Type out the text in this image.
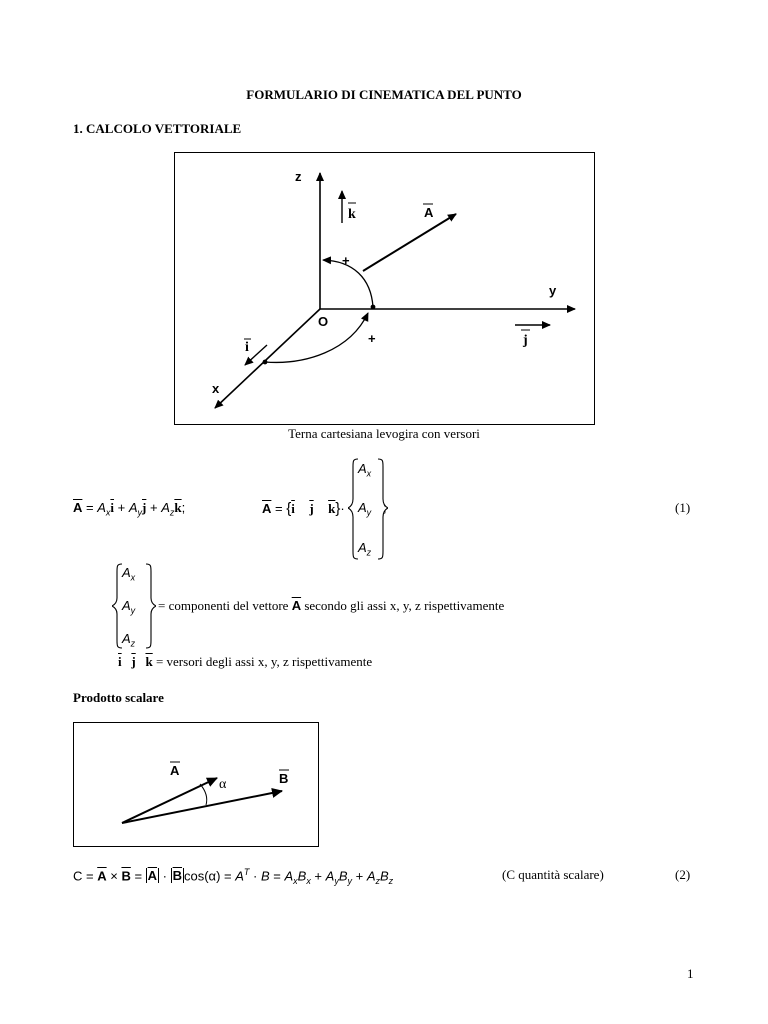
FORMULARIO DI CINEMATICA DEL PUNTO
1. CALCOLO VETTORIALE
z
y
x
O
A
+
+
k
j
i
Terna cartesiana levogira con versori
$\overline{A} = A_x\overline{i} + A_y\overline{j} + A_z\overline{k}$;	$\overline{A} = \{\overline{i}$ $\overline{j}$ $\overline{k}\}\cdot$
$A_x$
$A_y$
$A_z$
;	(1)
$A_x$
$A_y$
$A_z$
= componenti del vettore $\overline{A}$ secondo gli assi x, y, z rispettivamente
$\overline{i}$ $\overline{j}$ $\overline{k}$ = versori degli assi x, y, z rispettivamente
Prodotto scalare
A
B
α
$C = \overline{A} \times \overline{B} = \overline{A} \cdot \overline{B}$ $\cos(\alpha) = A^T \cdot B = A_xB_x + A_yB_y + A_zB_z$	(C quantità scalare)	(2)
1
